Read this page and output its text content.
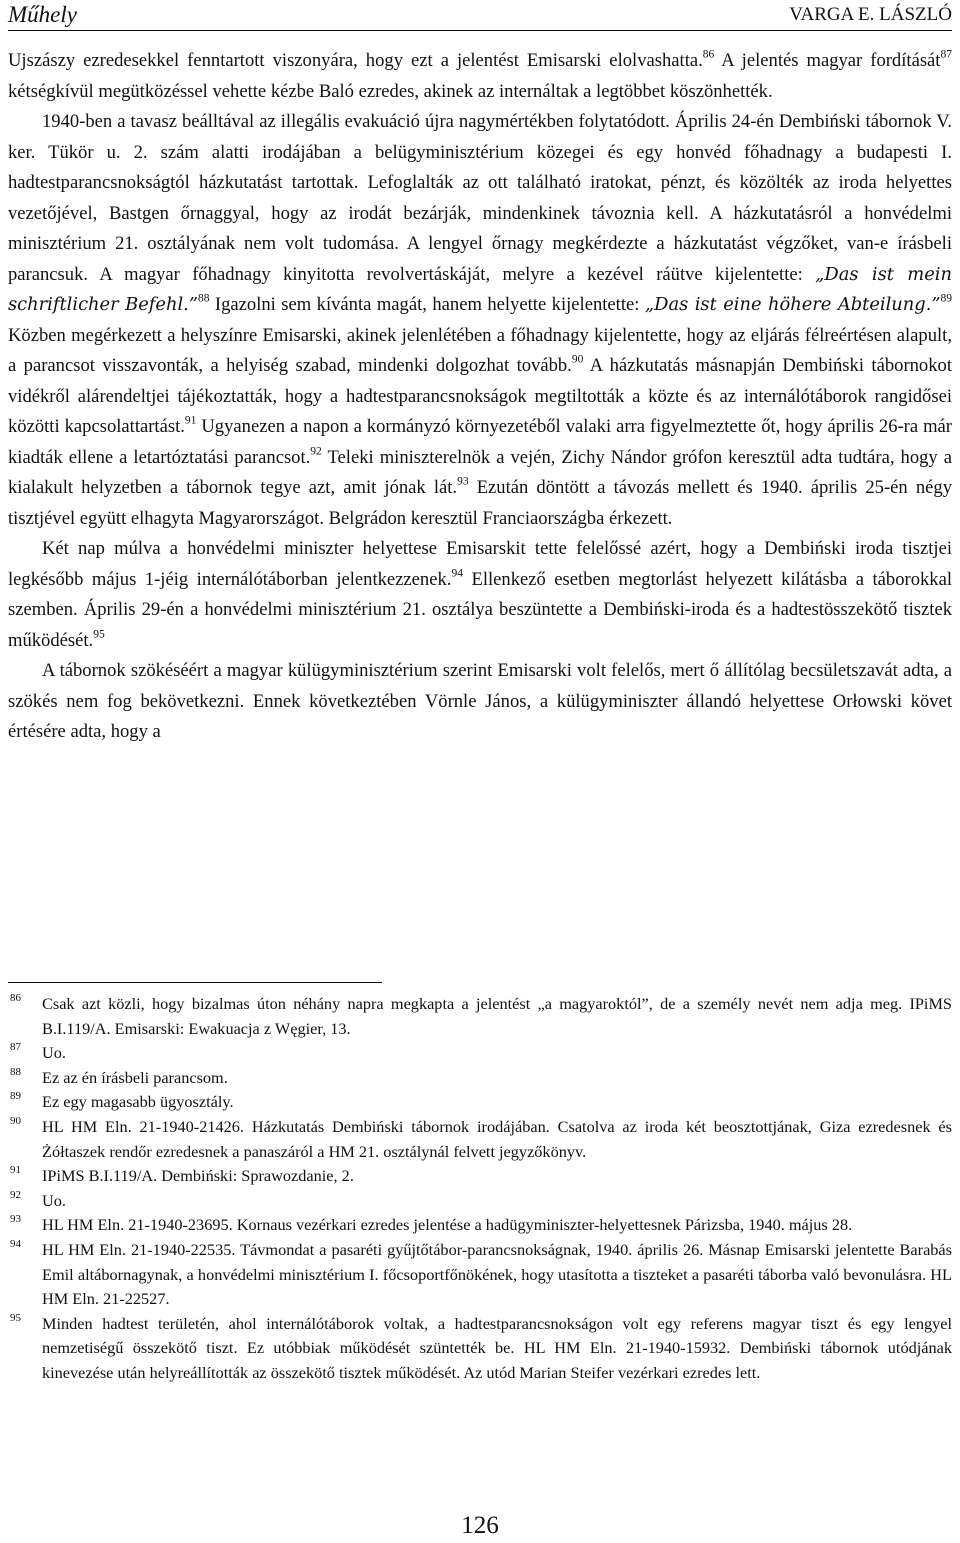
Műhely	VARGA E. LÁSZLÓ

Ujszászy ezredesekkel fenntartott viszonyára, hogy ezt a jelentést Emisarski elolvashatta.$^{86}$ A jelentés magyar fordítását$^{87}$ kétségkívül megütközéssel vehette kézbe Baló ezredes, akinek az internáltak a legtöbbet köszönhették.

1940-ben a tavasz beálltával az illegális evakuáció újra nagymértékben folytatódott. Április 24-én Dembiński tábornok V. ker. Tükör u. 2. szám alatti irodájában a belügyminisztérium közegei és egy honvéd főhadnagy a budapesti I. hadtestparancsnokságtól házkutatást tartottak. Lefoglalták az ott található iratokat, pénzt, és közölték az iroda helyettes vezetőjével, Bastgen őrnaggyal, hogy az irodát bezárják, mindenkinek távoznia kell. A házkutatásról a honvédelmi minisztérium 21. osztályának nem volt tudomása. A lengyel őrnagy megkérdezte a házkutatást végzőket, van-e írásbeli parancsuk. A magyar főhadnagy kinyitotta revolvertáskáját, melyre a kezével ráütve kijelentette: „Das ist mein schriftlicher Befehl.”$^{88}$ Igazolni sem kívánta magát, hanem helyette kijelentette: „Das ist eine höhere Abteilung.”$^{89}$ Közben megérkezett a helyszínre Emisarski, akinek jelenlétében a főhadnagy kijelentette, hogy az eljárás félreértésen alapult, a parancsot visszavonták, a helyiség szabad, mindenki dolgozhat tovább.$^{90}$ A házkutatás másnapján Dembiński tábornokot vidékről alárendeltjei tájékoztatták, hogy a hadtestparancsnokságok megtiltották a közte és az internálótáborok rangidősei közötti kapcsolattartást.$^{91}$ Ugyanezen a napon a kormányzó környezetéből valaki arra figyelmeztette őt, hogy április 26-ra már kiadták ellene a letartóztatási parancsot.$^{92}$ Teleki miniszterelnök a vején, Zichy Nándor grófon keresztül adta tudtára, hogy a kialakult helyzetben a tábornok tegye azt, amit jónak lát.$^{93}$ Ezután döntött a távozás mellett és 1940. április 25-én négy tisztjével együtt elhagyta Magyarországot. Belgrádon keresztül Franciaországba érkezett.

Két nap múlva a honvédelmi miniszter helyettese Emisarskit tette felelőssé azért, hogy a Dembiński iroda tisztjei legkésőbb május 1-jéig internálótáborban jelentkezzenek.$^{94}$ Ellenkező esetben megtorlást helyezett kilátásba a táborokkal szemben. Április 29-én a honvédelmi minisztérium 21. osztálya beszüntette a Dembiński-iroda és a hadtestösszekötő tisztek működését.$^{95}$

A tábornok szökéséért a magyar külügyminisztérium szerint Emisarski volt felelős, mert ő állítólag becsületszavát adta, a szökés nem fog bekövetkezni. Ennek következtében Vörnle János, a külügyminiszter állandó helyettese Orłowski követ értésére adta, hogy a

86 Csak azt közli, hogy bizalmas úton néhány napra megkapta a jelentést „a magyaroktól”, de a személy nevét nem adja meg. IPiMS B.I.119/A. Emisarski: Ewakuacja z Węgier, 13.
87 Uo.
88 Ez az én írásbeli parancsom.
89 Ez egy magasabb ügyosztály.
90 HL HM Eln. 21-1940-21426. Házkutatás Dembiński tábornok irodájában. Csatolva az iroda két beosztottjának, Giza ezredesnek és Żółtaszek rendőr ezredesnek a panaszáról a HM 21. osztálynál felvett jegyzőkönyv.
91 IPiMS B.I.119/A. Dembiński: Sprawozdanie, 2.
92 Uo.
93 HL HM Eln. 21-1940-23695. Kornaus vezérkari ezredes jelentése a hadügyminiszter-helyettesnek Párizsba, 1940. május 28.
94 HL HM Eln. 21-1940-22535. Távmondat a pasaréti gyűjtőtábor-parancsnokságnak, 1940. április 26. Másnap Emisarski jelentette Barabás Emil altábornagynak, a honvédelmi minisztérium I. főcsoportfőnökének, hogy utasította a tiszteket a pasaréti táborba való bevonulásra. HL HM Eln. 21-22527.
95 Minden hadtest területén, ahol internálótáborok voltak, a hadtestparancsnokságon volt egy referens magyar tiszt és egy lengyel nemzetiségű összekötő tiszt. Ez utóbbiak működését szüntették be. HL HM Eln. 21-1940-15932. Dembiński tábornok utódjának kinevezése után helyreállították az összekötő tisztek működését. Az utód Marian Steifer vezérkari ezredes lett.
126
